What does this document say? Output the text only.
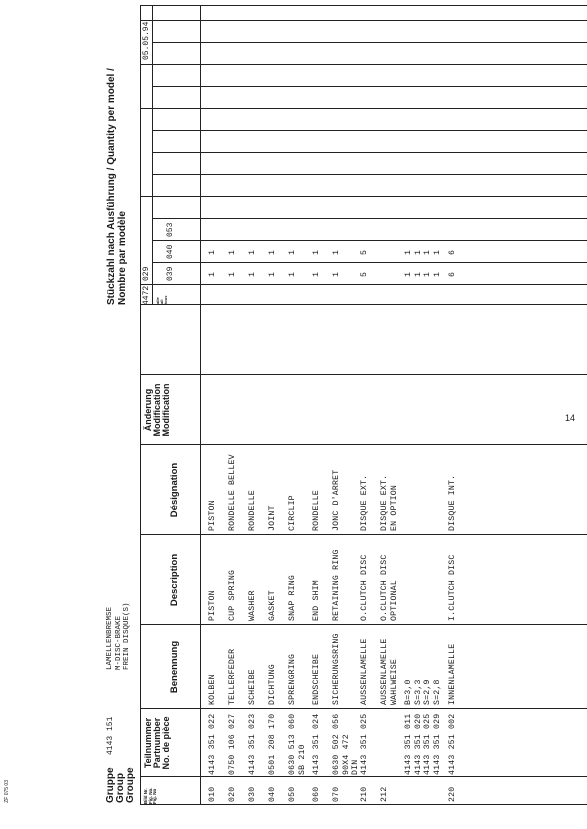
14
ZF 075 03	Gruppe
Group
Groupe
4143 151
LAMELLENBREMSE M-DISC-BRAKE FREIN DISQUE(S)
Stückzahl nach Ausführung / Quantity per model / Nombre par modèle
Bild Nr.
Fig. No.
Fig. No
Teilnummer
Partnumber
No. de pièce
Benennung
Description
Désignation
Änderung
Modification
Modification
4472 029
05.05.94
alle
all
tous
039
040
053
010
4143 351 022
KOLBEN
PISTON
PISTON
1
1
020
0750 106 027
TELLERFEDER
CUP SPRING
RONDELLE BELLEV
1
1
030
4143 351 023
SCHEIBE
WASHER
RONDELLE
1
1
040
0501 208 170
DICHTUNG
GASKET
JOINT
1
1
050
0630 513 060 SB 210
SPRENGRING
SNAP RING
CIRCLIP
1
1
060
4143 351 024
ENDSCHEIBE
END SHIM
RONDELLE
1
1
070
0630 502 056 90X4 472 DIN
SICHERUNGSRING
RETAINING RING
JONC D'ARRET
1
1
210
4143 351 025
AUSSENLAMELLE
O.CLUTCH DISC
DISQUE EXT.
5
5
212
AUSSENLAMELLE
WAHLWEISE
O.CLUTCH DISC
OPTIONAL
DISQUE EXT.
EN OPTION
4143 351 011
4143 351 020
4143 351 025
4143 351 029
B=3,0
S=3,3
S=2,9
S=2,8
1
1
1
1
1
1
1
1
220
4143 251 002
INNENLAMELLE
I.CLUTCH DISC
DISQUE INT.
6
6
